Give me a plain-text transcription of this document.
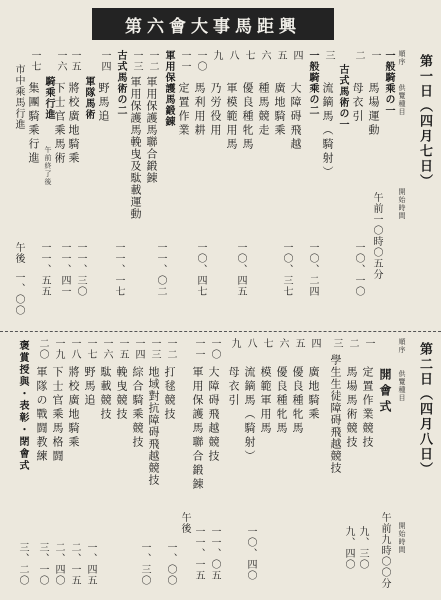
第六會大事馬距興
第一日（四月七日）
順序
供覽種目
開始時間
一般騎乘の一
一
馬場運動
午前一〇時〇五分
二
母衣引
一〇、一〇
古式馬術の一
三
流鏑馬（騎射）
一般騎乘の二
四
大障碍飛越
一〇、二四
五
廣地騎乘
一〇、三七
六
種馬競走
七
優良種牝馬
八
軍模範用馬
一〇、四五
九
乃労役用
一〇
馬利用耕
一〇、四七
一一
定置作業
軍用保護馬鍛錬
一二
軍用保護馬聯合鍛錬
一一、〇二
一三
軍用保護馬輓曳及駄載運動
古式馬術の二
一四
野馬追
一一、一七
軍隊馬術
一五
將校廣地騎乘
一一、三〇
一六
下士官乘馬術
一一、四一
騎乘行進
一七
集團騎乘行進
一一、五五
午前終了後
市中乘馬行進
午後
一、〇〇
第二日（四月八日）
順序
供覽種目
開始時間
開會式
一
定置作業競技
午前九時〇〇分
二
馬場馬術競技
九、三〇
三
學生生徒障碍飛越競技
九、四〇
四
廣地騎乘
五
優良種牝馬
六
優良種牝馬
七
模範軍用馬
八
流鏑馬（騎射）
一〇、四〇
九
母衣引
一〇
大障碍飛越競技
一一、〇五
一一
軍用保護馬聯合鍛錬
一一、一五
午後
一二
打毬競技
一、〇〇
一三
地域對抗障碍飛越競技
一四
綜合騎乘競技
一、三〇
一五
輓曳競技
一六
駄載競技
一七
野馬追
一、四五
一八
將校廣地騎乘
二、一五
一九
下士官乘馬格闘
二、四〇
二〇
軍隊の戰闘教練
三、一〇
褒賞授與・表彰・閉會式
三、二〇
